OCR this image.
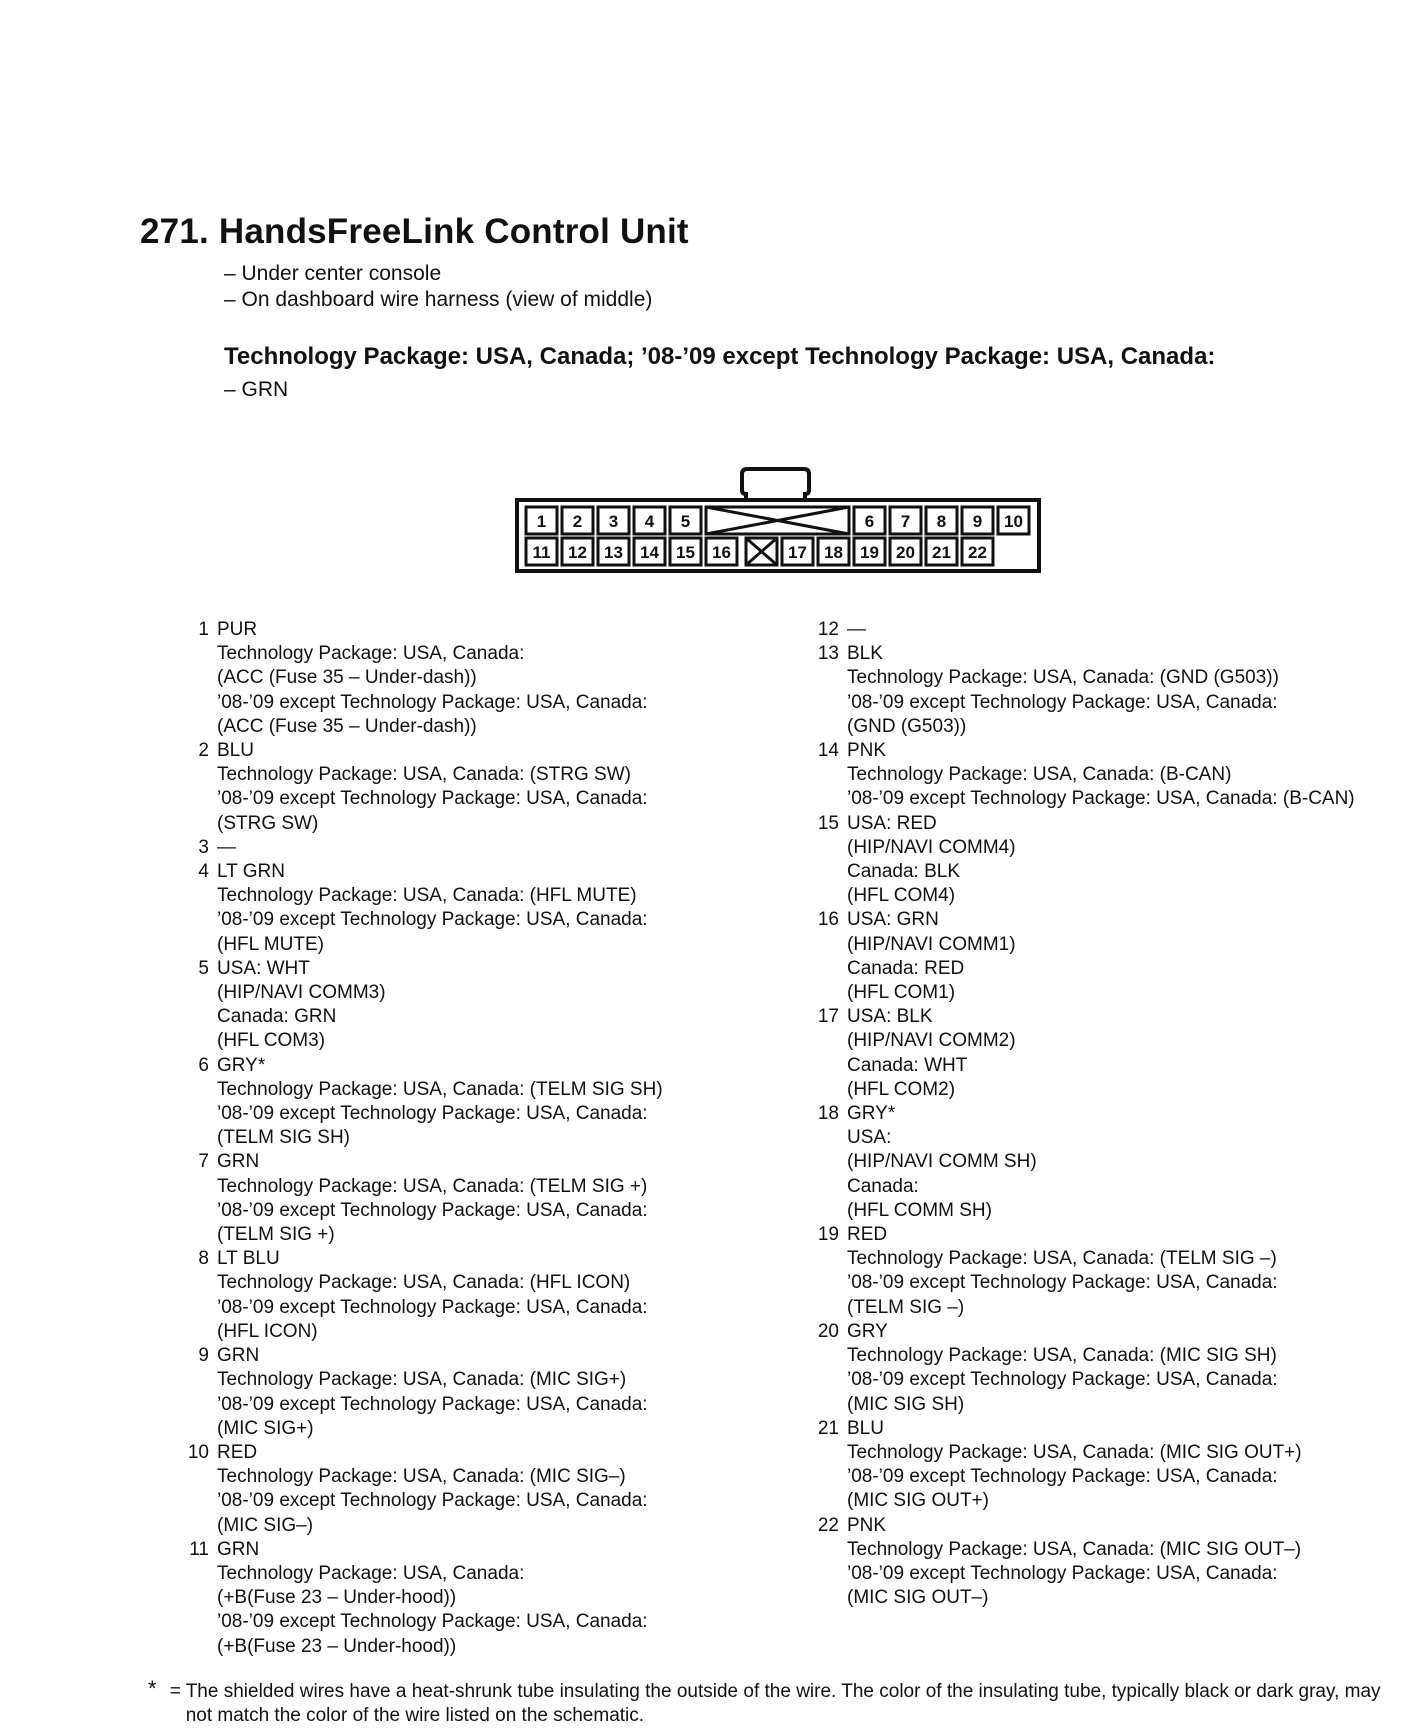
271. HandsFreeLink Control Unit
– Under center console
– On dashboard wire harness (view of middle)
Technology Package: USA, Canada; ’08-’09 except Technology Package: USA, Canada:
– GRN
1 2 3 4 5	6 7 8 9 10
11 12 13 14 15 16	17 18 19 20 21 22
1 PUR
Technology Package: USA, Canada:
(ACC (Fuse 35 – Under-dash))
’08-’09 except Technology Package: USA, Canada:
(ACC (Fuse 35 – Under-dash))
2 BLU
Technology Package: USA, Canada: (STRG SW)
’08-’09 except Technology Package: USA, Canada:
(STRG SW)
3 —
4 LT GRN
Technology Package: USA, Canada: (HFL MUTE)
’08-’09 except Technology Package: USA, Canada:
(HFL MUTE)
5 USA: WHT
(HIP/NAVI COMM3)
Canada: GRN
(HFL COM3)
6 GRY*
Technology Package: USA, Canada: (TELM SIG SH)
’08-’09 except Technology Package: USA, Canada:
(TELM SIG SH)
7 GRN
Technology Package: USA, Canada: (TELM SIG +)
’08-’09 except Technology Package: USA, Canada:
(TELM SIG +)
8 LT BLU
Technology Package: USA, Canada: (HFL ICON)
’08-’09 except Technology Package: USA, Canada:
(HFL ICON)
9 GRN
Technology Package: USA, Canada: (MIC SIG+)
’08-’09 except Technology Package: USA, Canada:
(MIC SIG+)
10 RED
Technology Package: USA, Canada: (MIC SIG–)
’08-’09 except Technology Package: USA, Canada:
(MIC SIG–)
11 GRN
Technology Package: USA, Canada:
(+B(Fuse 23 – Under-hood))
’08-’09 except Technology Package: USA, Canada:
(+B(Fuse 23 – Under-hood))
12 —
13 BLK
Technology Package: USA, Canada: (GND (G503))
’08-’09 except Technology Package: USA, Canada:
(GND (G503))
14 PNK
Technology Package: USA, Canada: (B-CAN)
’08-’09 except Technology Package: USA, Canada: (B-CAN)
15 USA: RED
(HIP/NAVI COMM4)
Canada: BLK
(HFL COM4)
16 USA: GRN
(HIP/NAVI COMM1)
Canada: RED
(HFL COM1)
17 USA: BLK
(HIP/NAVI COMM2)
Canada: WHT
(HFL COM2)
18 GRY*
USA:
(HIP/NAVI COMM SH)
Canada:
(HFL COMM SH)
19 RED
Technology Package: USA, Canada: (TELM SIG –)
’08-’09 except Technology Package: USA, Canada:
(TELM SIG –)
20 GRY
Technology Package: USA, Canada: (MIC SIG SH)
’08-’09 except Technology Package: USA, Canada:
(MIC SIG SH)
21 BLU
Technology Package: USA, Canada: (MIC SIG OUT+)
’08-’09 except Technology Package: USA, Canada:
(MIC SIG OUT+)
22 PNK
Technology Package: USA, Canada: (MIC SIG OUT–)
’08-’09 except Technology Package: USA, Canada:
(MIC SIG OUT–)
* = The shielded wires have a heat-shrunk tube insulating the outside of the wire. The color of the insulating tube, typically black or dark gray, may not match the color of the wire listed on the schematic.
